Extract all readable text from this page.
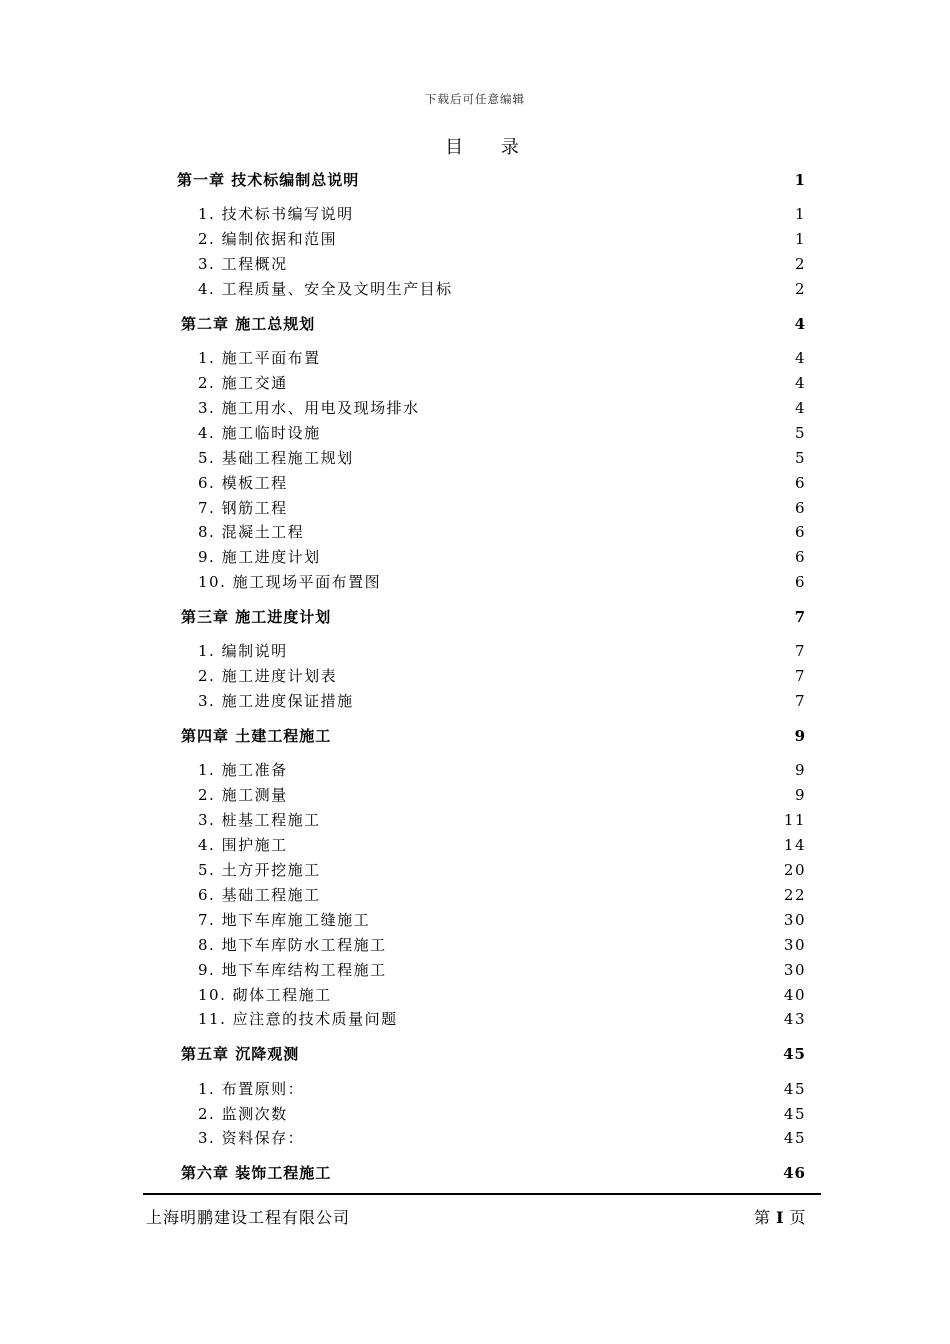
下载后可任意编辑
目 录
第一章 技术标编制总说明	1
1. 技术标书编写说明	1
2. 编制依据和范围	1
3. 工程概况	2
4. 工程质量、安全及文明生产目标	2
第二章 施工总规划	4
1. 施工平面布置	4
2. 施工交通	4
3. 施工用水、用电及现场排水	4
4. 施工临时设施	5
5. 基础工程施工规划	5
6. 模板工程	6
7. 钢筋工程	6
8. 混凝土工程	6
9. 施工进度计划	6
10. 施工现场平面布置图	6
第三章 施工进度计划	7
1. 编制说明	7
2. 施工进度计划表	7
3. 施工进度保证措施	7
第四章 土建工程施工	9
1. 施工准备	9
2. 施工测量	9
3. 桩基工程施工	11
4. 围护施工	14
5. 土方开挖施工	20
6. 基础工程施工	22
7. 地下车库施工缝施工	30
8. 地下车库防水工程施工	30
9. 地下车库结构工程施工	30
10. 砌体工程施工	40
11. 应注意的技术质量问题	43
第五章 沉降观测	45
1. 布置原则：	45
2. 监测次数	45
3. 资料保存：	45
第六章 装饰工程施工	46
上海明鹏建设工程有限公司	第 I 页
